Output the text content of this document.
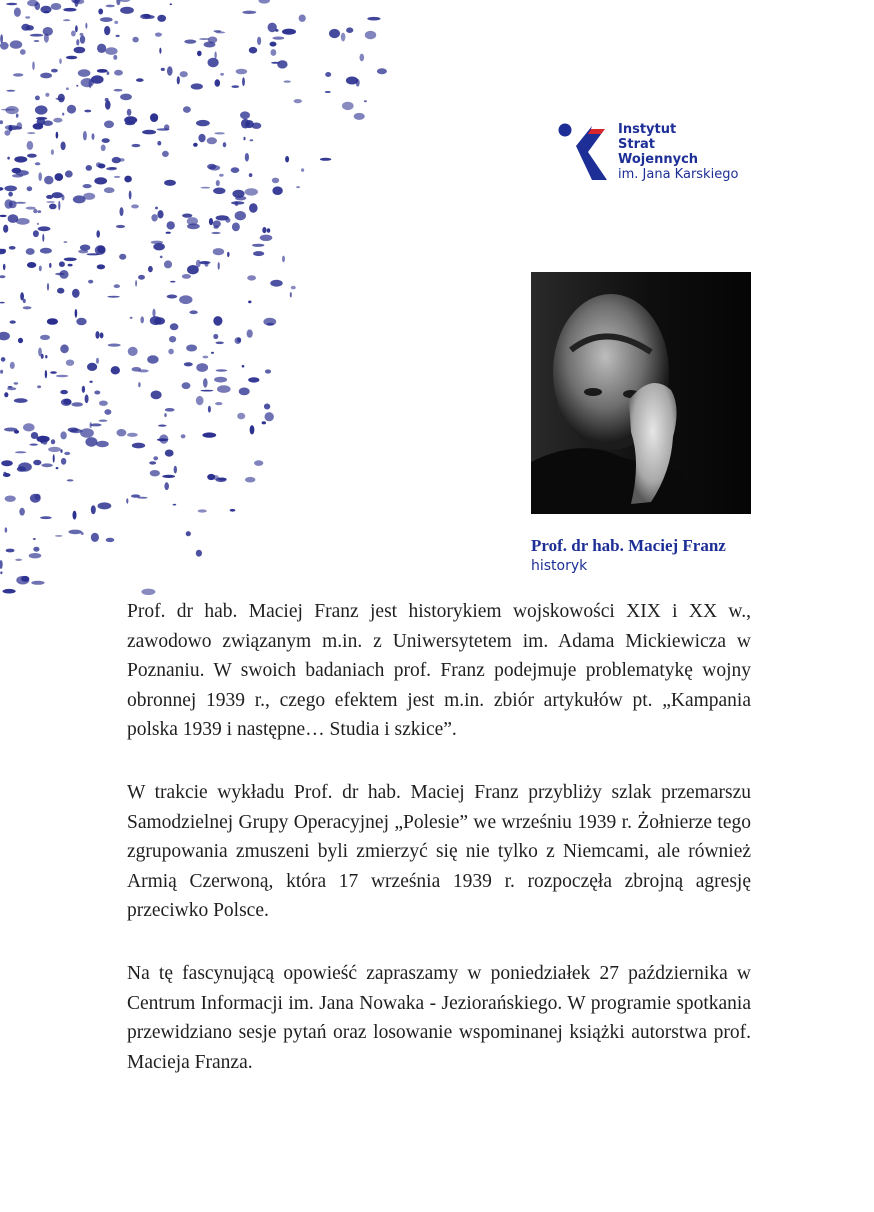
Instytut
Strat
Wojennych
im. Jana Karskiego
Prof. dr hab. Maciej Franz
historyk

Prof. dr hab. Maciej Franz jest historykiem wojskowości XIX i XX w., zawodowo związanym m.in. z Uniwersytetem im. Adama Mickiewicza w Poznaniu. W swoich badaniach prof. Franz podejmuje problematykę wojny obronnej 1939 r., czego efektem jest m.in. zbiór artykułów pt. „Kampania polska 1939 i następne… Studia i szkice”.

W trakcie wykładu Prof. dr hab. Maciej Franz przybliży szlak przemarszu Samodzielnej Grupy Operacyjnej „Polesie” we wrześniu 1939 r. Żołnierze tego zgrupowania zmuszeni byli zmierzyć się nie tylko z Niemcami, ale również Armią Czerwoną, która 17 września 1939 r. rozpoczęła zbrojną agresję przeciwko Polsce.

Na tę fascynującą opowieść zapraszamy w poniedziałek 27 października w Centrum Informacji im. Jana Nowaka - Jeziorańskiego. W programie spotkania przewidziano sesje pytań oraz losowanie wspominanej książki autorstwa prof. Macieja Franza.
